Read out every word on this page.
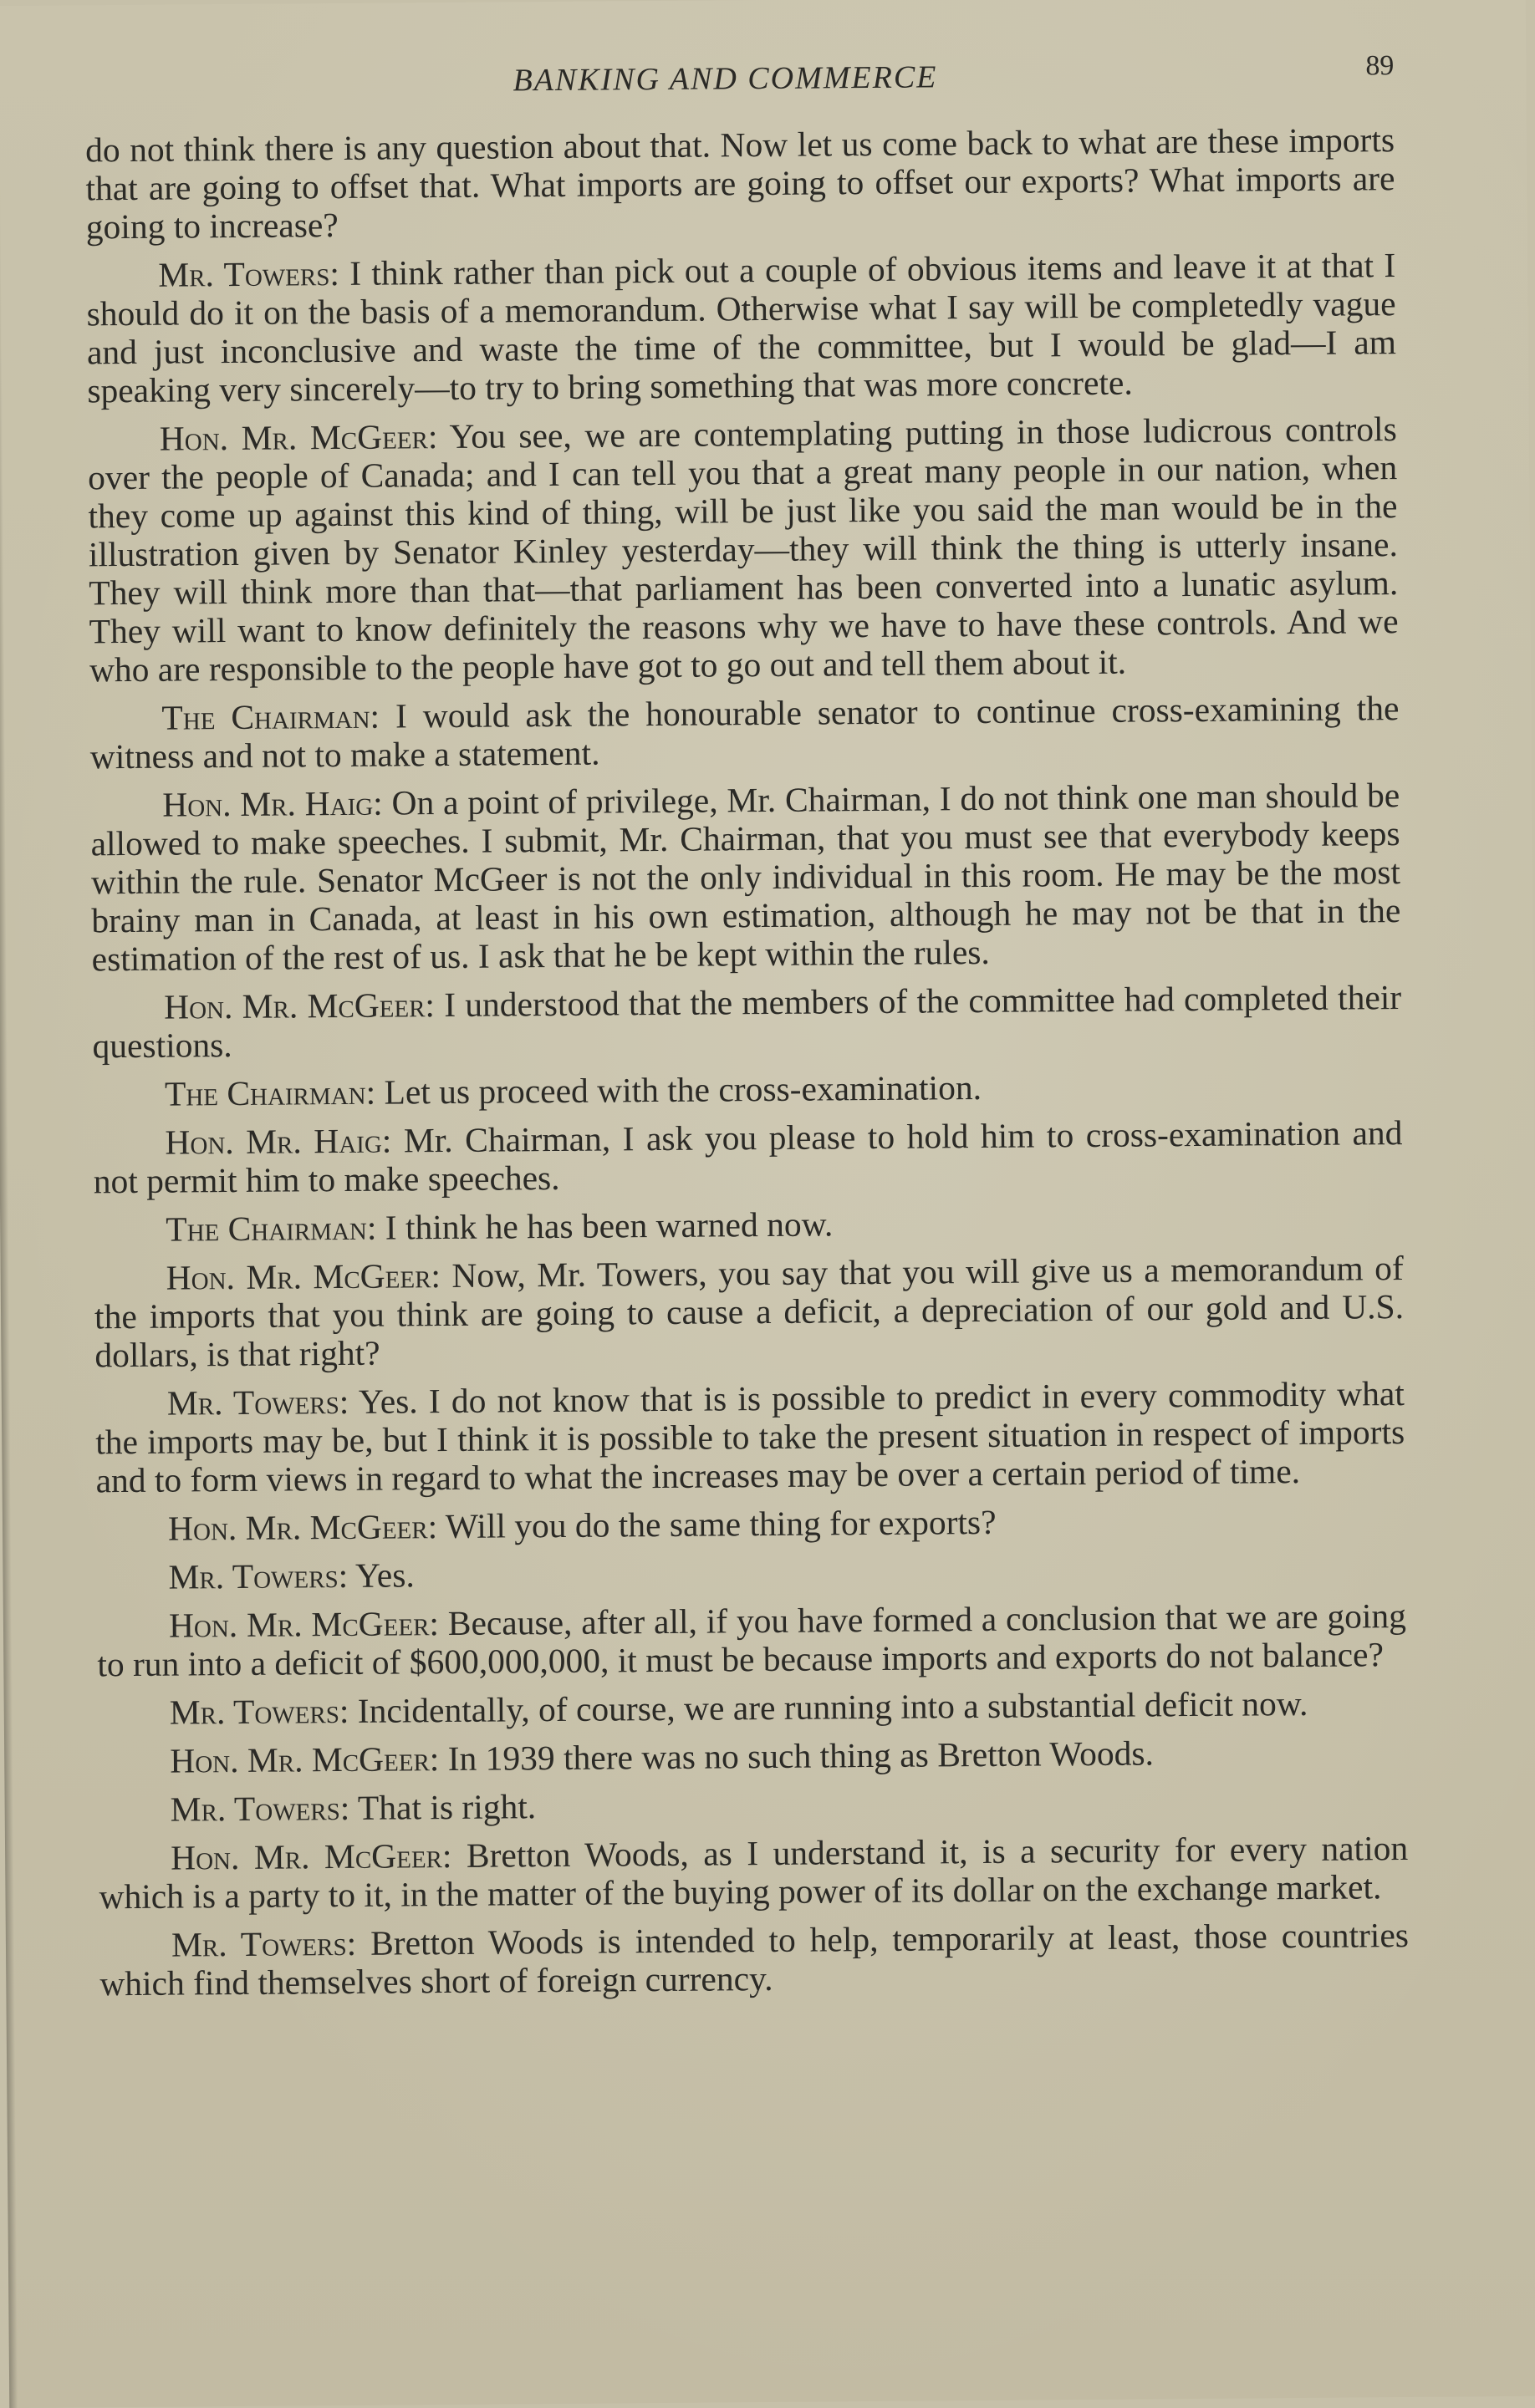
BANKING AND COMMERCE	89

do not think there is any question about that. Now let us come back to what are these imports that are going to offset that. What imports are going to offset our exports? What imports are going to increase?

Mr. Towers: I think rather than pick out a couple of obvious items and leave it at that I should do it on the basis of a memorandum. Otherwise what I say will be completedly vague and just inconclusive and waste the time of the committee, but I would be glad—I am speaking very sincerely—to try to bring something that was more concrete.

Hon. Mr. McGeer: You see, we are contemplating putting in those ludicrous controls over the people of Canada; and I can tell you that a great many people in our nation, when they come up against this kind of thing, will be just like you said the man would be in the illustration given by Senator Kinley yesterday—they will think the thing is utterly insane. They will think more than that—that parliament has been converted into a lunatic asylum. They will want to know definitely the reasons why we have to have these controls. And we who are responsible to the people have got to go out and tell them about it.

The Chairman: I would ask the honourable senator to continue cross-examining the witness and not to make a statement.

Hon. Mr. Haig: On a point of privilege, Mr. Chairman, I do not think one man should be allowed to make speeches. I submit, Mr. Chairman, that you must see that everybody keeps within the rule. Senator McGeer is not the only individual in this room. He may be the most brainy man in Canada, at least in his own estimation, although he may not be that in the estimation of the rest of us. I ask that he be kept within the rules.

Hon. Mr. McGeer: I understood that the members of the committee had completed their questions.

The Chairman: Let us proceed with the cross-examination.

Hon. Mr. Haig: Mr. Chairman, I ask you please to hold him to cross-examination and not permit him to make speeches.

The Chairman: I think he has been warned now.

Hon. Mr. McGeer: Now, Mr. Towers, you say that you will give us a memorandum of the imports that you think are going to cause a deficit, a depreciation of our gold and U.S. dollars, is that right?

Mr. Towers: Yes. I do not know that is is possible to predict in every commodity what the imports may be, but I think it is possible to take the present situation in respect of imports and to form views in regard to what the increases may be over a certain period of time.

Hon. Mr. McGeer: Will you do the same thing for exports?

Mr. Towers: Yes.

Hon. Mr. McGeer: Because, after all, if you have formed a conclusion that we are going to run into a deficit of $600,000,000, it must be because imports and exports do not balance?

Mr. Towers: Incidentally, of course, we are running into a substantial deficit now.

Hon. Mr. McGeer: In 1939 there was no such thing as Bretton Woods.

Mr. Towers: That is right.

Hon. Mr. McGeer: Bretton Woods, as I understand it, is a security for every nation which is a party to it, in the matter of the buying power of its dollar on the exchange market.

Mr. Towers: Bretton Woods is intended to help, temporarily at least, those countries which find themselves short of foreign currency.
